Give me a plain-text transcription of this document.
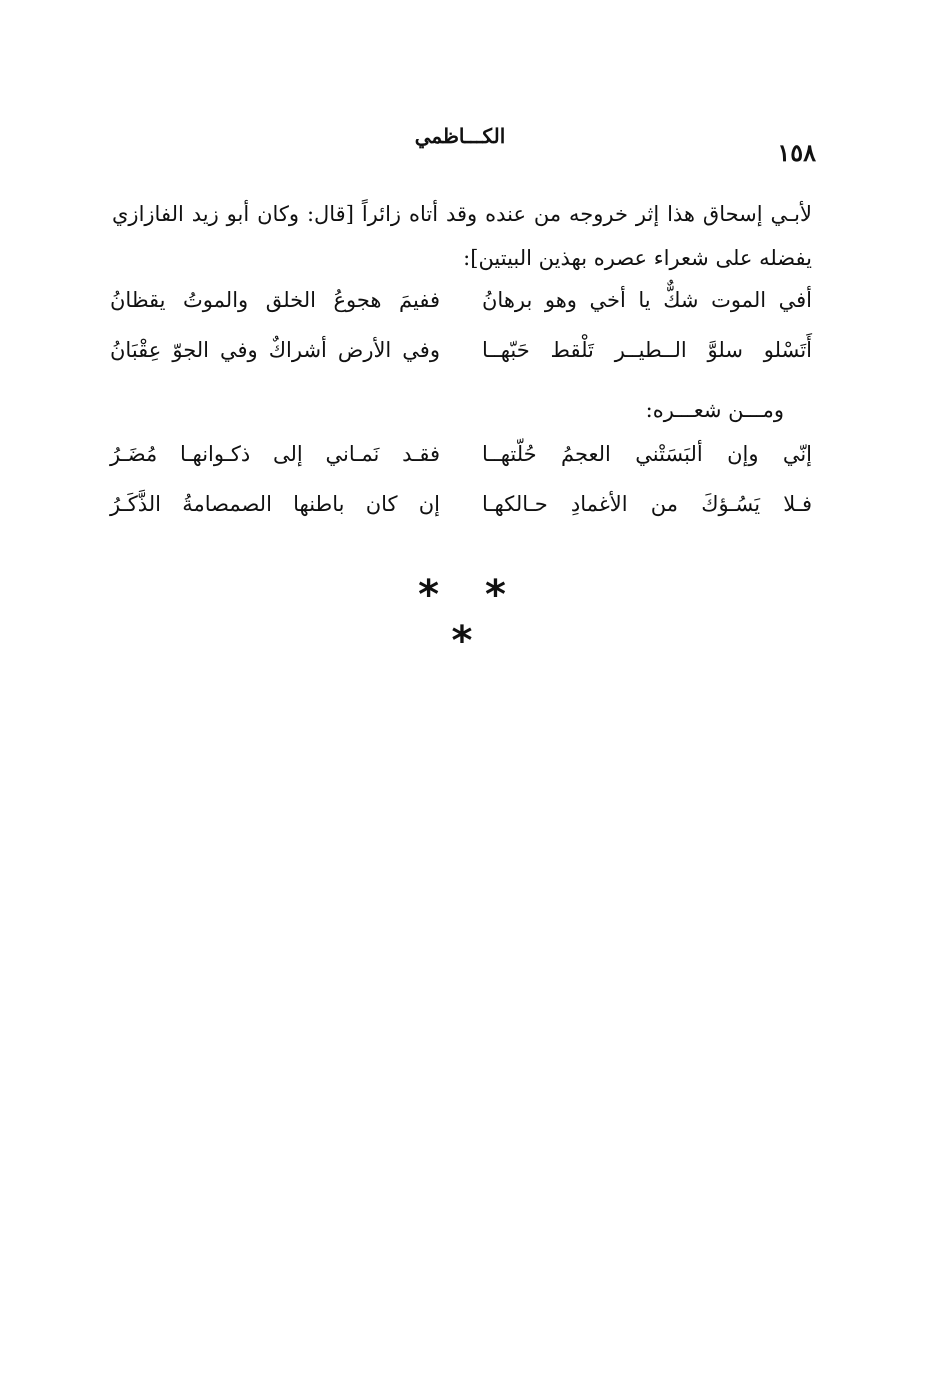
الكـــاظمي
١٥٨
لأبـي إسحاق هذا إثر خروجه من عنده وقد أتاه زائراً [قال: وكان أبو زيد الفازازي يفضله على شعراء عصره بهذين البيتين]:
أفي الموت شكٌّ يا أخي وهو برهانُ
ففيمَ هجوعُ الخلق والموتُ يقظانُ
أَتَسْلو سلوَّ الــطيــر تَلْقط حَبّهــا
وفي الأرض أشراكٌ وفي الجوّ عِقْبَانُ
ومـــن شعـــره:
إنّي وإن ألبَسَتْني العجمُ حُلّتهــا
فقـد نَمـاني إلى ذكـوانهـا مُضَـرُ
فـلا يَسُـؤكَ من الأغمادِ حـالكهـا
إن كان باطنها الصمصامةُ الذَّكَـرُ
* * *
